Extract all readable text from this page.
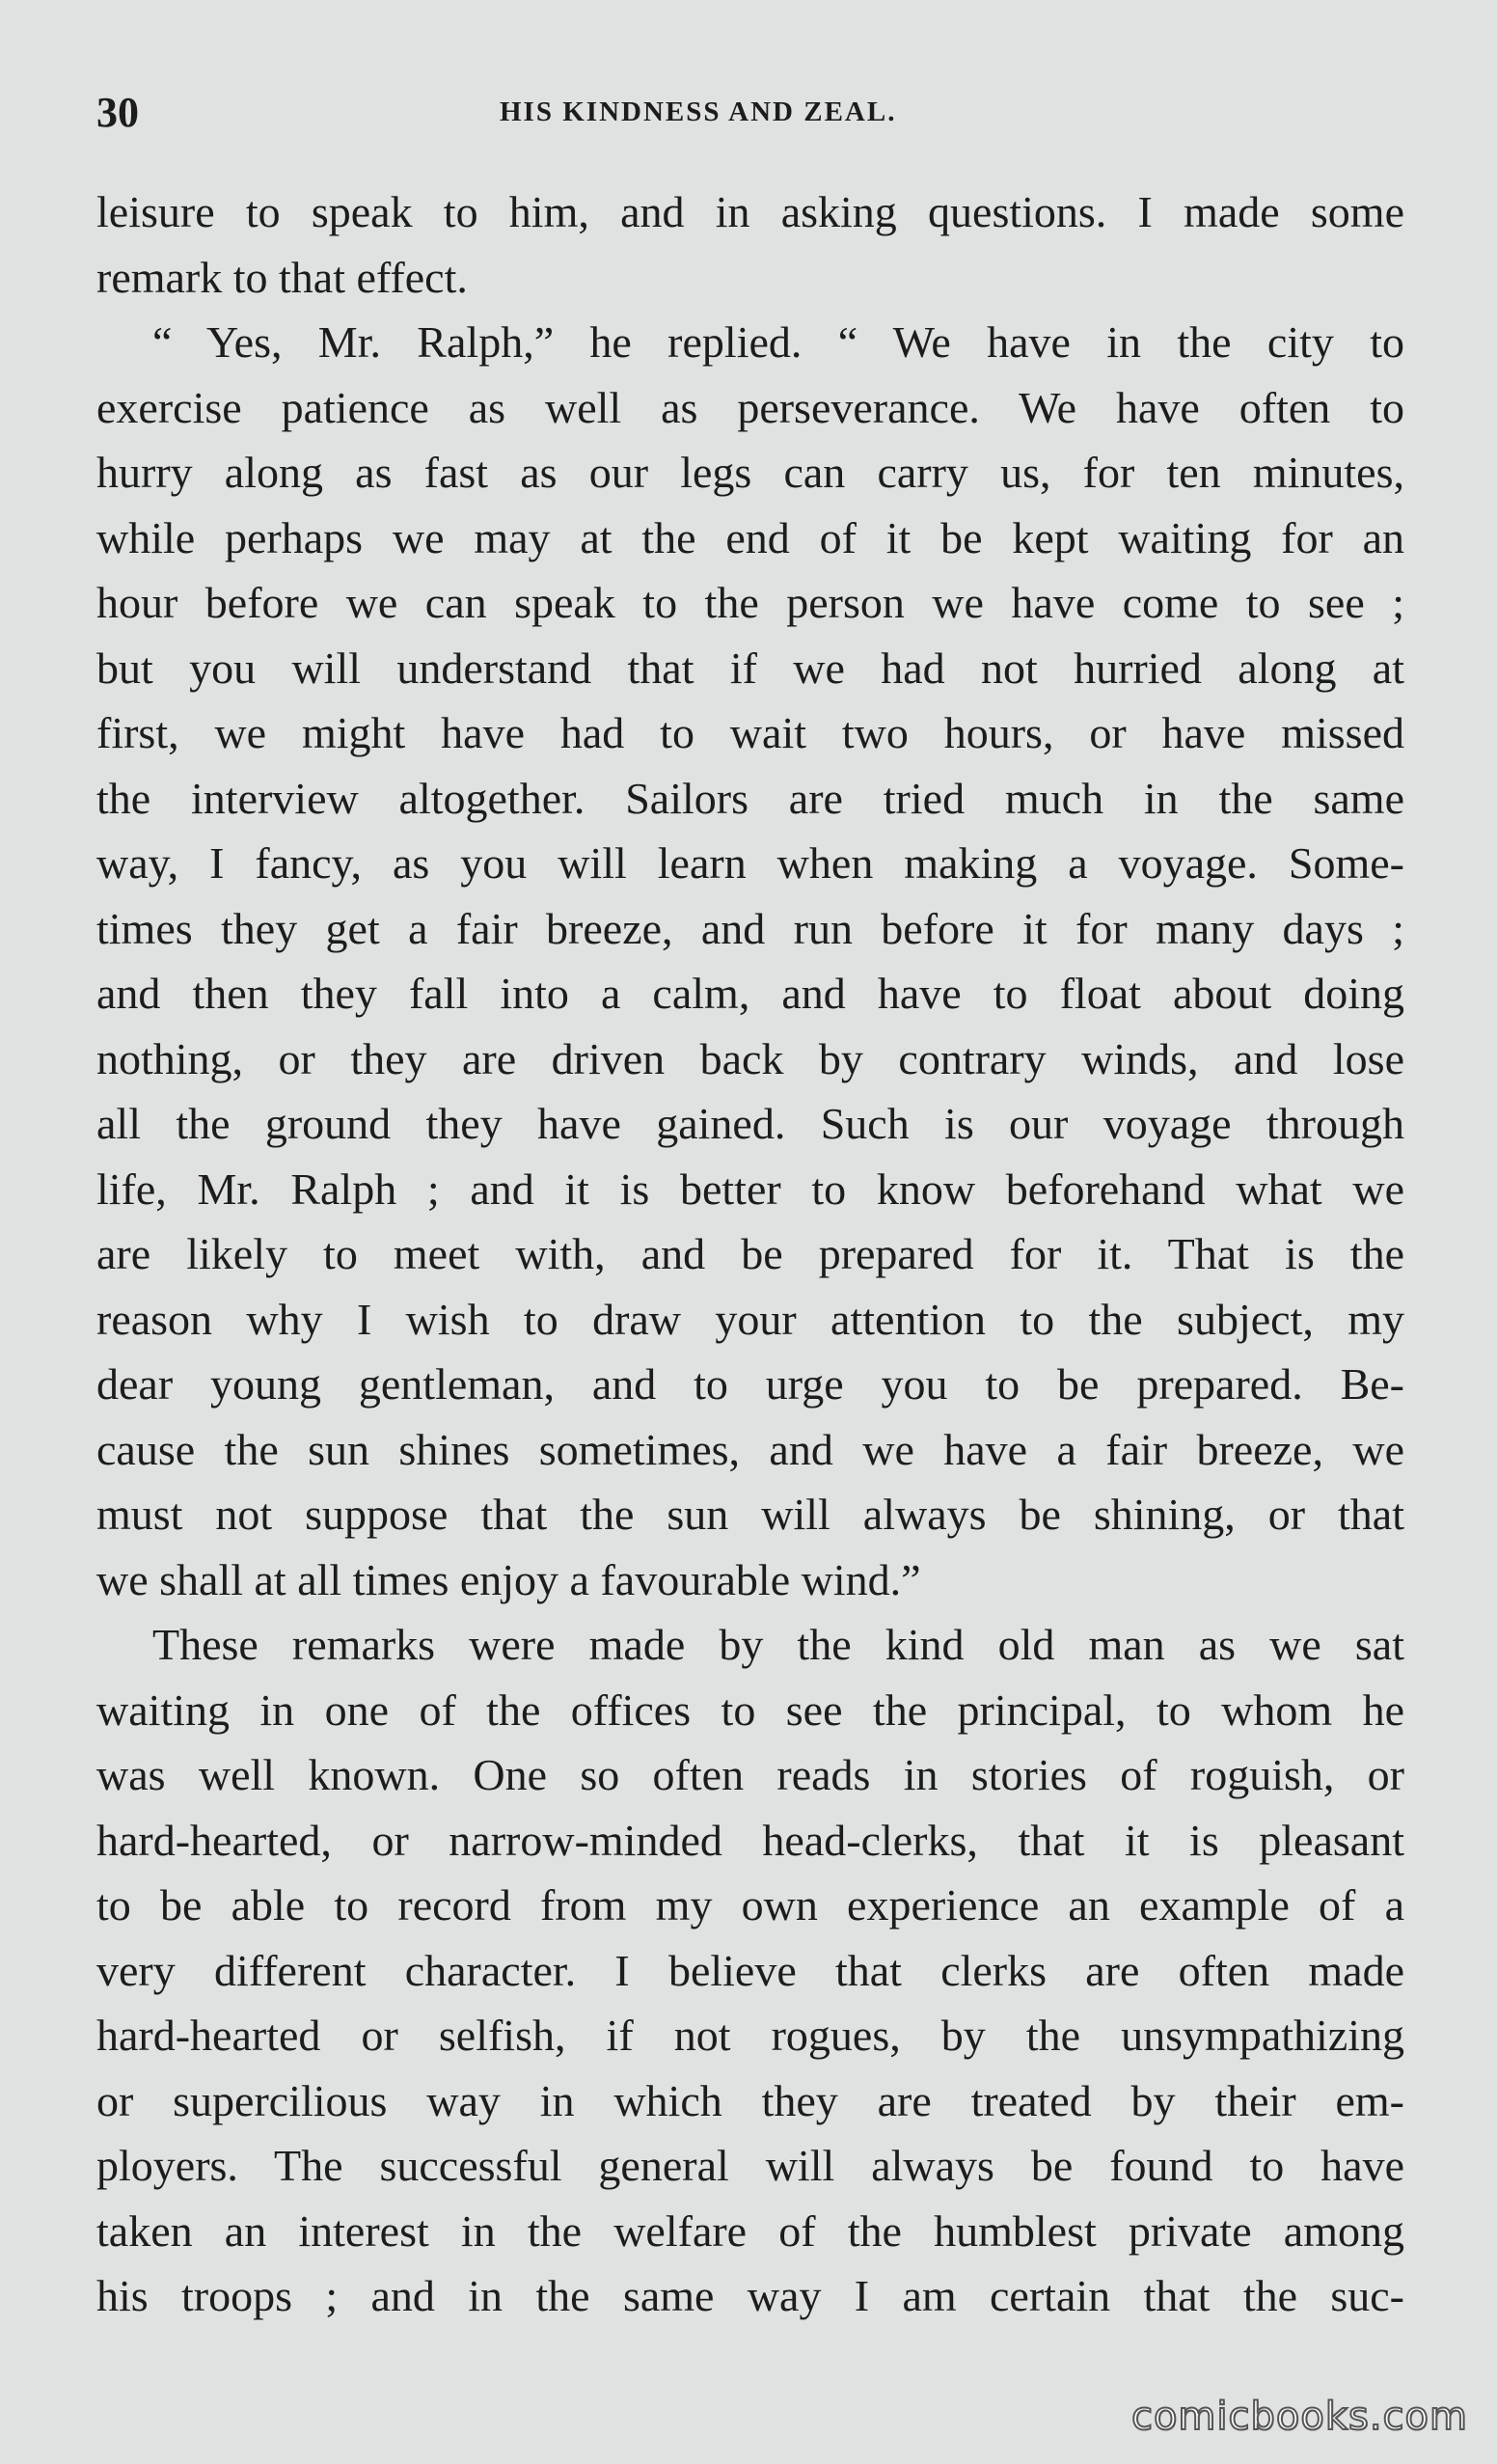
30	HIS KINDNESS AND ZEAL.
leisure to speak to him, and in asking questions. I made some
remark to that effect.
“ Yes, Mr. Ralph,” he replied. “ We have in the city to
exercise patience as well as perseverance. We have often to
hurry along as fast as our legs can carry us, for ten minutes,
while perhaps we may at the end of it be kept waiting for an
hour before we can speak to the person we have come to see ;
but you will understand that if we had not hurried along at
first, we might have had to wait two hours, or have missed
the interview altogether. Sailors are tried much in the same
way, I fancy, as you will learn when making a voyage. Some-
times they get a fair breeze, and run before it for many days ;
and then they fall into a calm, and have to float about doing
nothing, or they are driven back by contrary winds, and lose
all the ground they have gained. Such is our voyage through
life, Mr. Ralph ; and it is better to know beforehand what we
are likely to meet with, and be prepared for it. That is the
reason why I wish to draw your attention to the subject, my
dear young gentleman, and to urge you to be prepared. Be-
cause the sun shines sometimes, and we have a fair breeze, we
must not suppose that the sun will always be shining, or that
we shall at all times enjoy a favourable wind.”
These remarks were made by the kind old man as we sat
waiting in one of the offices to see the principal, to whom he
was well known. One so often reads in stories of roguish, or
hard-hearted, or narrow-minded head-clerks, that it is pleasant
to be able to record from my own experience an example of a
very different character. I believe that clerks are often made
hard-hearted or selfish, if not rogues, by the unsympathizing
or supercilious way in which they are treated by their em-
ployers. The successful general will always be found to have
taken an interest in the welfare of the humblest private among
his troops ; and in the same way I am certain that the suc-
comicbooks.com
